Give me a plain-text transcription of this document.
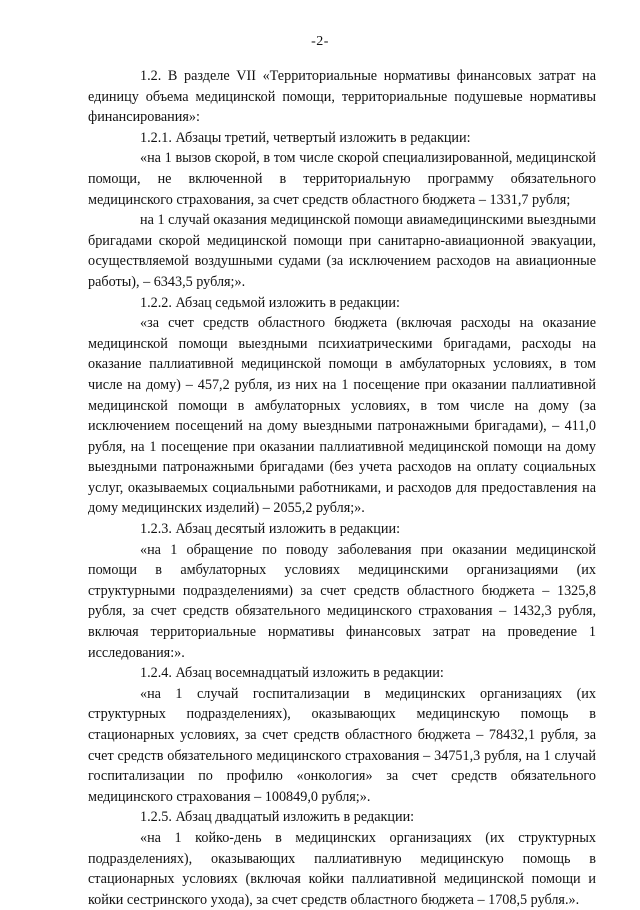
-2-

1.2. В разделе VII «Территориальные нормативы финансовых затрат на единицу объема медицинской помощи, территориальные подушевые нормативы финансирования»:

1.2.1. Абзацы третий, четвертый изложить в редакции:

«на 1 вызов скорой, в том числе скорой специализированной, медицинской помощи, не включенной в территориальную программу обязательного медицинского страхования, за счет средств областного бюджета – 1331,7 рубля;

на 1 случай оказания медицинской помощи авиамедицинскими выездными бригадами скорой медицинской помощи при санитарно-авиационной эвакуации, осуществляемой воздушными судами (за исключением расходов на авиационные работы), – 6343,5 рубля;».

1.2.2. Абзац седьмой изложить в редакции:

«за счет средств областного бюджета (включая расходы на оказание медицинской помощи выездными психиатрическими бригадами, расходы на оказание паллиативной медицинской помощи в амбулаторных условиях, в том числе на дому) – 457,2 рубля, из них на 1 посещение при оказании паллиативной медицинской помощи в амбулаторных условиях, в том числе на дому (за исключением посещений на дому выездными патронажными бригадами), – 411,0 рубля, на 1 посещение при оказании паллиативной медицинской помощи на дому выездными патронажными бригадами (без учета расходов на оплату социальных услуг, оказываемых социальными работниками, и расходов для предоставления на дому медицинских изделий) – 2055,2 рубля;».

1.2.3. Абзац десятый изложить в редакции:

«на 1 обращение по поводу заболевания при оказании медицинской помощи в амбулаторных условиях медицинскими организациями (их структурными подразделениями) за счет средств областного бюджета – 1325,8 рубля, за счет средств обязательного медицинского страхования – 1432,3 рубля, включая территориальные нормативы финансовых затрат на проведение 1 исследования:».

1.2.4. Абзац восемнадцатый изложить в редакции:

«на 1 случай госпитализации в медицинских организациях (их структурных подразделениях), оказывающих медицинскую помощь в стационарных условиях, за счет средств областного бюджета – 78432,1 рубля, за счет средств обязательного медицинского страхования – 34751,3 рубля, на 1 случай госпитализации по профилю «онкология» за счет средств обязательного медицинского страхования – 100849,0 рубля;».

1.2.5. Абзац двадцатый изложить в редакции:

«на 1 койко-день в медицинских организациях (их структурных подразделениях), оказывающих паллиативную медицинскую помощь в стационарных условиях (включая койки паллиативной медицинской помощи и койки сестринского ухода), за счет средств областного бюджета – 1708,5 рубля.».
